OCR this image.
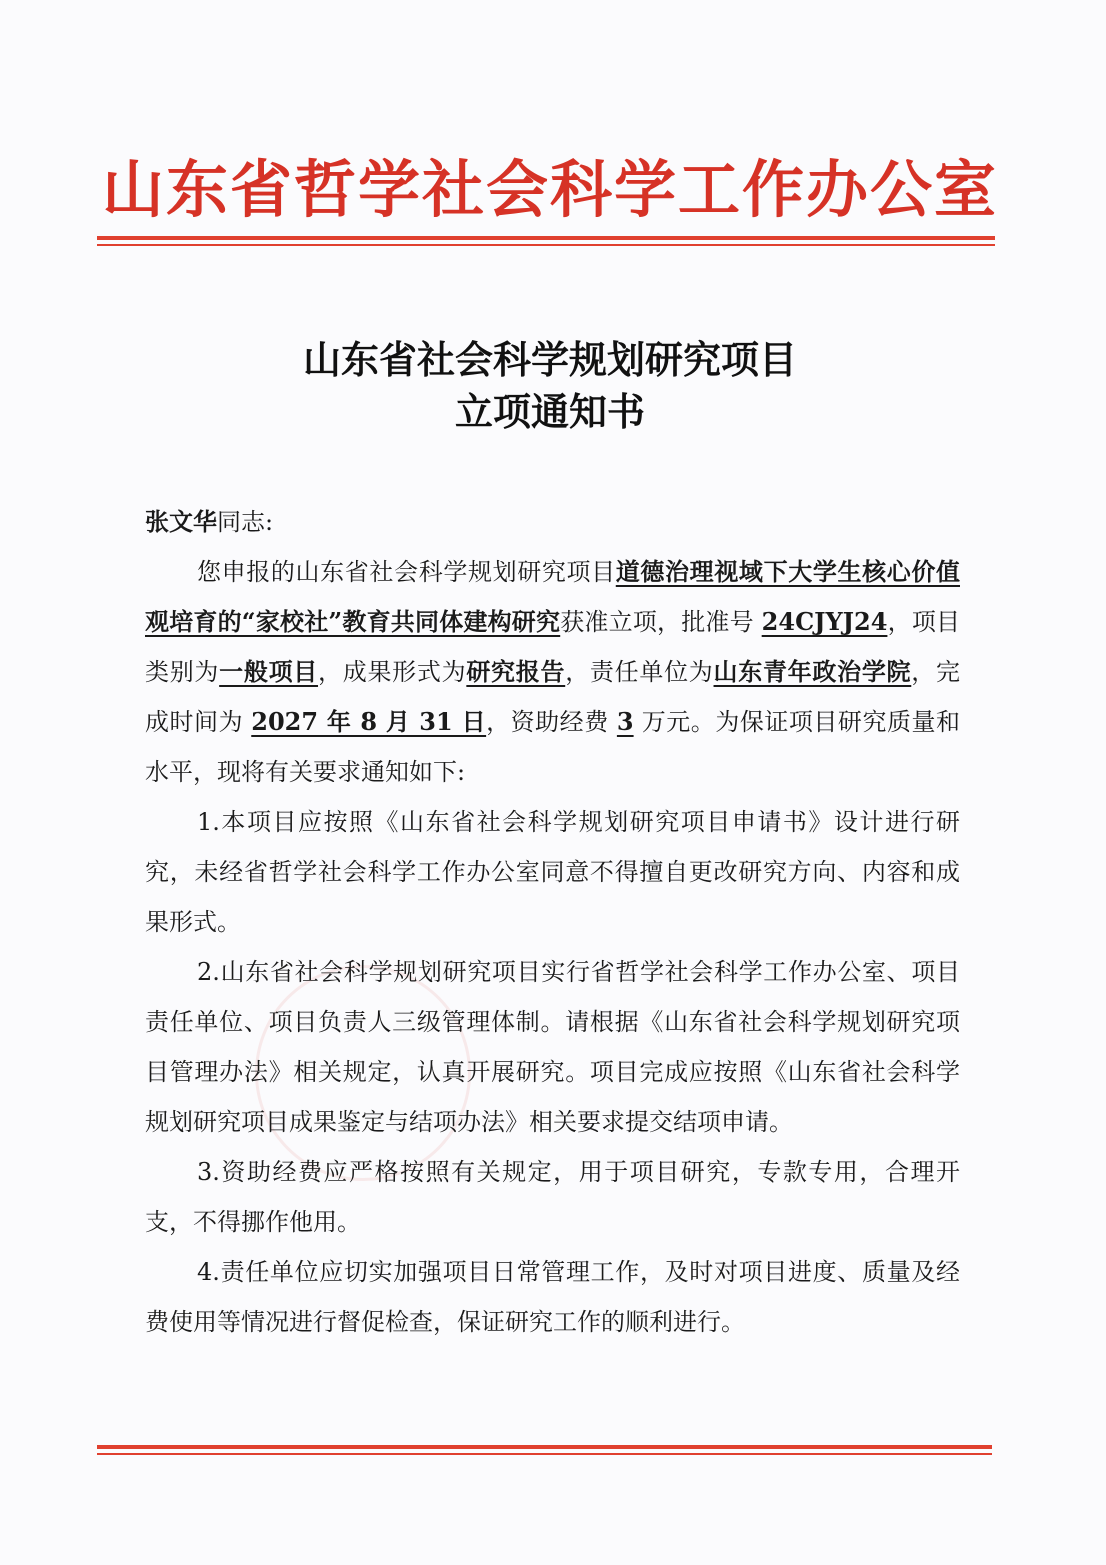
山东省哲学社会科学工作办公室
山东省社会科学规划研究项目
立项通知书

张文华同志:

您申报的山东省社会科学规划研究项目道德治理视域下大学生核心价值观培育的“家校社”教育共同体建构研究获准立项，批准号 24CJYJ24，项目类别为一般项目，成果形式为研究报告，责任单位为山东青年政治学院，完成时间为 2027 年 8 月 31 日，资助经费 3 万元。为保证项目研究质量和水平，现将有关要求通知如下:

1.本项目应按照《山东省社会科学规划研究项目申请书》设计进行研究，未经省哲学社会科学工作办公室同意不得擅自更改研究方向、内容和成果形式。

2.山东省社会科学规划研究项目实行省哲学社会科学工作办公室、项目责任单位、项目负责人三级管理体制。请根据《山东省社会科学规划研究项目管理办法》相关规定，认真开展研究。项目完成应按照《山东省社会科学规划研究项目成果鉴定与结项办法》相关要求提交结项申请。

3.资助经费应严格按照有关规定，用于项目研究，专款专用，合理开支，不得挪作他用。

4.责任单位应切实加强项目日常管理工作，及时对项目进度、质量及经费使用等情况进行督促检查，保证研究工作的顺利进行。
